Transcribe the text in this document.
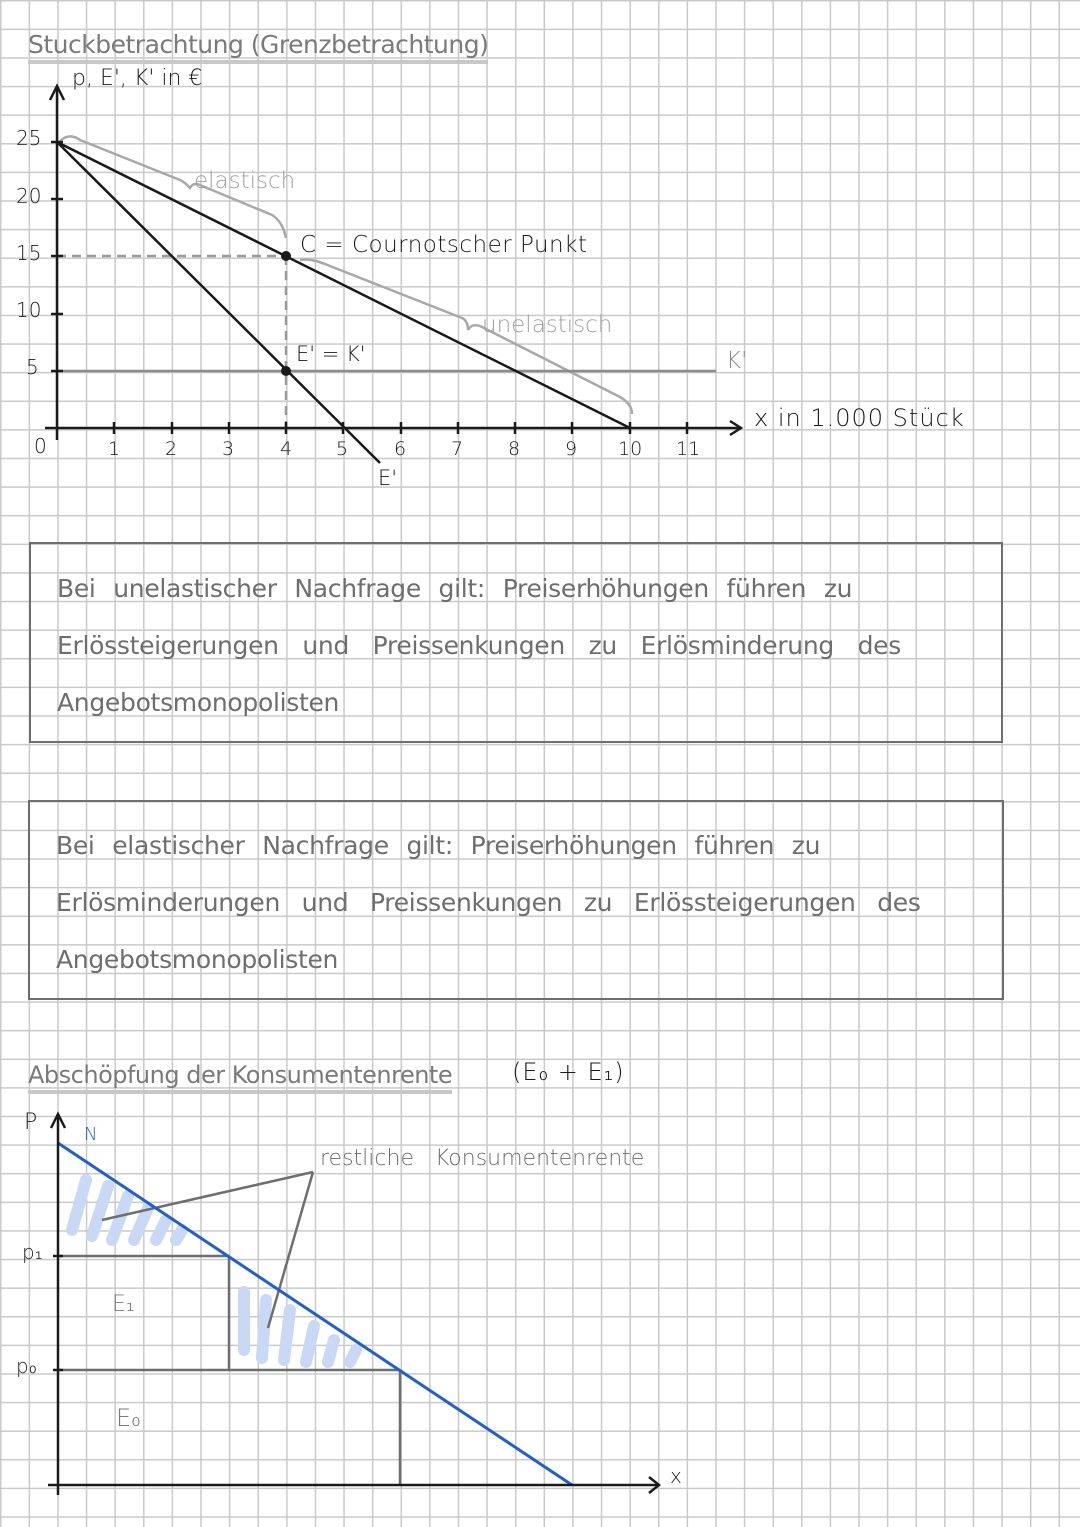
Stuckbetrachtung (Grenzbetrachtung)
p, E', K' in €
25
20
15
10
5
0	1 2 3 4 5 6 7 8 9 10 11
x in 1.000 Stück
elastisch
unelastisch
C = Cournotscher Punkt
E' = K'	K'
E'
Bei unelastischer Nachfrage gilt: Preiserhöhungen führen zu
Erlössteigerungen und Preissenkungen zu Erlösminderung des
Angebotsmonopolisten
Bei elastischer Nachfrage gilt: Preiserhöhungen führen zu
Erlösminderungen und Preissenkungen zu Erlössteigerungen des
Angebotsmonopolisten
Abschöpfung der Konsumentenrente (E₀ + E₁)
P	N
p₁
p₀
E₁
E₀
restliche Konsumentenrente
x
